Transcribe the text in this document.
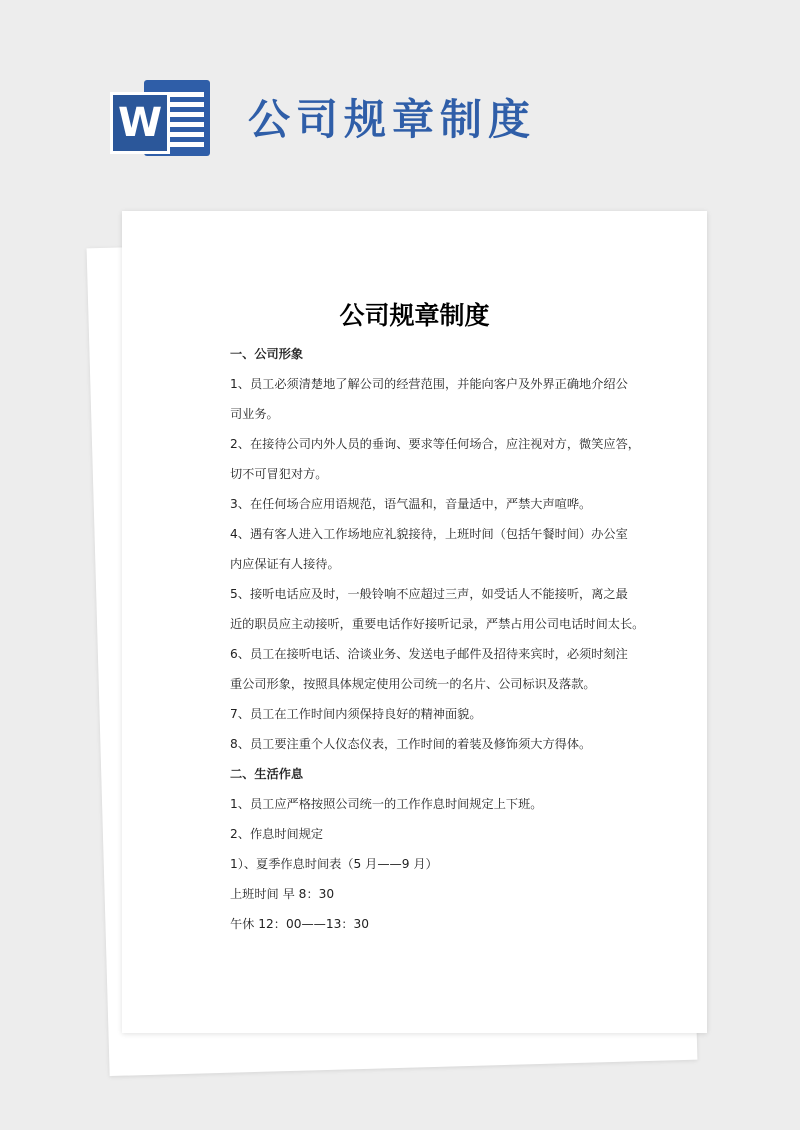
W 公司规章制度
公司规章制度
一、公司形象
1、员工必须清楚地了解公司的经营范围，并能向客户及外界正确地介绍公
司业务。
2、在接待公司内外人员的垂询、要求等任何场合，应注视对方，微笑应答，
切不可冒犯对方。
3、在任何场合应用语规范，语气温和，音量适中，严禁大声喧哗。
4、遇有客人进入工作场地应礼貌接待，上班时间（包括午餐时间）办公室
内应保证有人接待。
5、接听电话应及时，一般铃响不应超过三声，如受话人不能接听，离之最
近的职员应主动接听，重要电话作好接听记录，严禁占用公司电话时间太长。
6、员工在接听电话、洽谈业务、发送电子邮件及招待来宾时，必须时刻注
重公司形象，按照具体规定使用公司统一的名片、公司标识及落款。
7、员工在工作时间内须保持良好的精神面貌。
8、员工要注重个人仪态仪表，工作时间的着装及修饰须大方得体。
二、生活作息
1、员工应严格按照公司统一的工作作息时间规定上下班。
2、作息时间规定
1）、夏季作息时间表（5 月——9 月）
上班时间 早 8：30
午休 12：00——13：30
